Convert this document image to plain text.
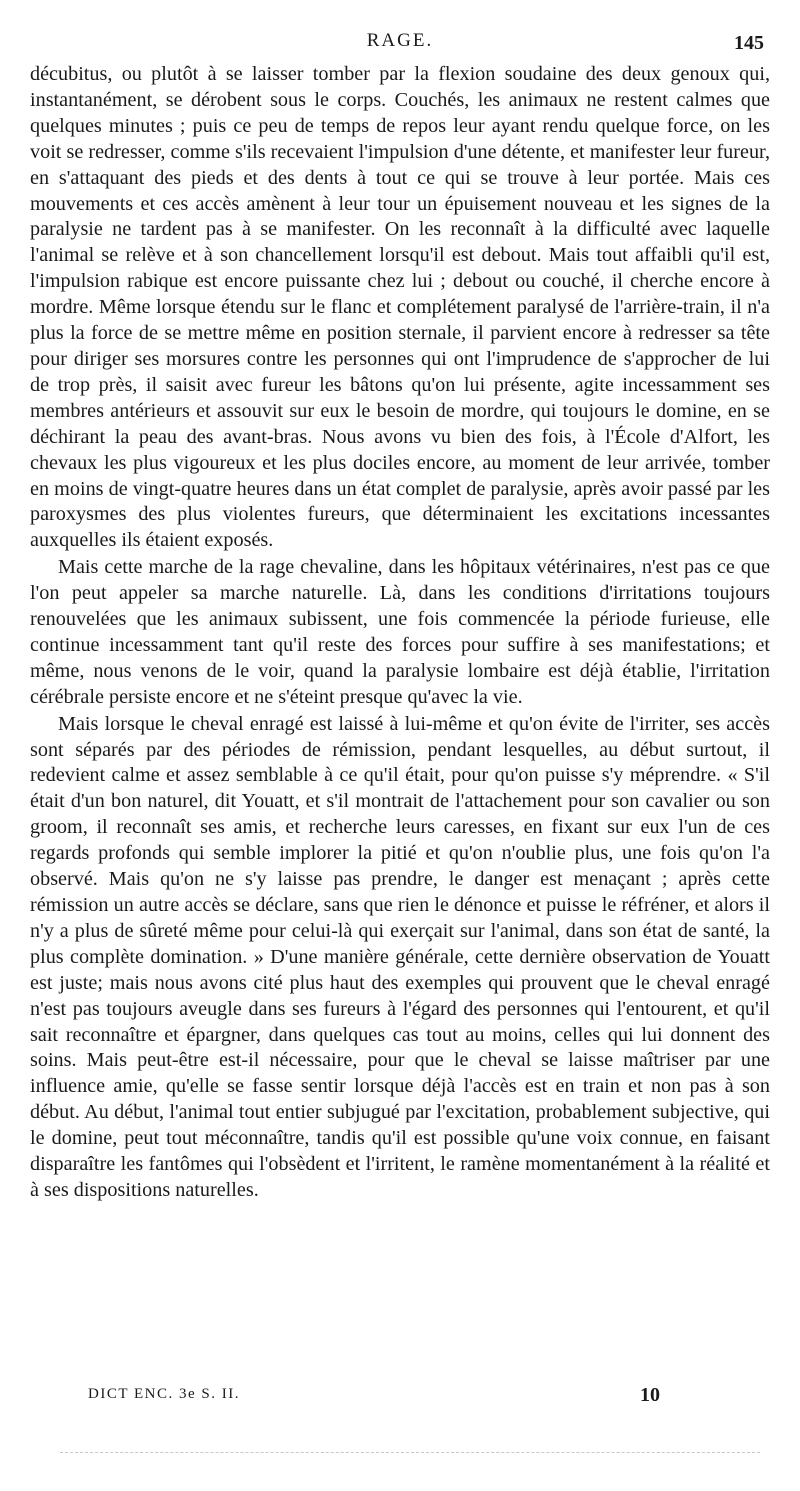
RAGE.	145

décubitus, ou plutôt à se laisser tomber par la flexion soudaine des deux genoux qui, instantanément, se dérobent sous le corps. Couchés, les animaux ne restent calmes que quelques minutes ; puis ce peu de temps de repos leur ayant rendu quelque force, on les voit se redresser, comme s'ils recevaient l'impulsion d'une détente, et manifester leur fureur, en s'attaquant des pieds et des dents à tout ce qui se trouve à leur portée. Mais ces mouvements et ces accès amènent à leur tour un épuisement nouveau et les signes de la paralysie ne tardent pas à se manifester. On les reconnaît à la difficulté avec laquelle l'animal se relève et à son chancellement lorsqu'il est debout. Mais tout affaibli qu'il est, l'impulsion rabique est encore puissante chez lui ; debout ou couché, il cherche encore à mordre. Même lorsque étendu sur le flanc et complétement paralysé de l'arrière-train, il n'a plus la force de se mettre même en position sternale, il parvient encore à redresser sa tête pour diriger ses morsures contre les personnes qui ont l'imprudence de s'approcher de lui de trop près, il saisit avec fureur les bâtons qu'on lui présente, agite incessamment ses membres antérieurs et assouvit sur eux le besoin de mordre, qui toujours le domine, en se déchirant la peau des avant-bras. Nous avons vu bien des fois, à l'École d'Alfort, les chevaux les plus vigoureux et les plus dociles encore, au moment de leur arrivée, tomber en moins de vingt-quatre heures dans un état complet de paralysie, après avoir passé par les paroxysmes des plus violentes fureurs, que déterminaient les excitations incessantes auxquelles ils étaient exposés.

Mais cette marche de la rage chevaline, dans les hôpitaux vétérinaires, n'est pas ce que l'on peut appeler sa marche naturelle. Là, dans les conditions d'irritations toujours renouvelées que les animaux subissent, une fois commencée la période furieuse, elle continue incessamment tant qu'il reste des forces pour suffire à ses manifestations; et même, nous venons de le voir, quand la paralysie lombaire est déjà établie, l'irritation cérébrale persiste encore et ne s'éteint presque qu'avec la vie.

Mais lorsque le cheval enragé est laissé à lui-même et qu'on évite de l'irriter, ses accès sont séparés par des périodes de rémission, pendant lesquelles, au début surtout, il redevient calme et assez semblable à ce qu'il était, pour qu'on puisse s'y méprendre. « S'il était d'un bon naturel, dit Youatt, et s'il montrait de l'attachement pour son cavalier ou son groom, il reconnaît ses amis, et recherche leurs caresses, en fixant sur eux l'un de ces regards profonds qui semble implorer la pitié et qu'on n'oublie plus, une fois qu'on l'a observé. Mais qu'on ne s'y laisse pas prendre, le danger est menaçant ; après cette rémission un autre accès se déclare, sans que rien le dénonce et puisse le réfréner, et alors il n'y a plus de sûreté même pour celui-là qui exerçait sur l'animal, dans son état de santé, la plus complète domination. » D'une manière générale, cette dernière observation de Youatt est juste; mais nous avons cité plus haut des exemples qui prouvent que le cheval enragé n'est pas toujours aveugle dans ses fureurs à l'égard des personnes qui l'entourent, et qu'il sait reconnaître et épargner, dans quelques cas tout au moins, celles qui lui donnent des soins. Mais peut-être est-il nécessaire, pour que le cheval se laisse maîtriser par une influence amie, qu'elle se fasse sentir lorsque déjà l'accès est en train et non pas à son début. Au début, l'animal tout entier subjugué par l'excitation, probablement subjective, qui le domine, peut tout méconnaître, tandis qu'il est possible qu'une voix connue, en faisant disparaître les fantômes qui l'obsèdent et l'irritent, le ramène momentanément à la réalité et à ses dispositions naturelles.

DICT ENC. 3e S. II.	10
